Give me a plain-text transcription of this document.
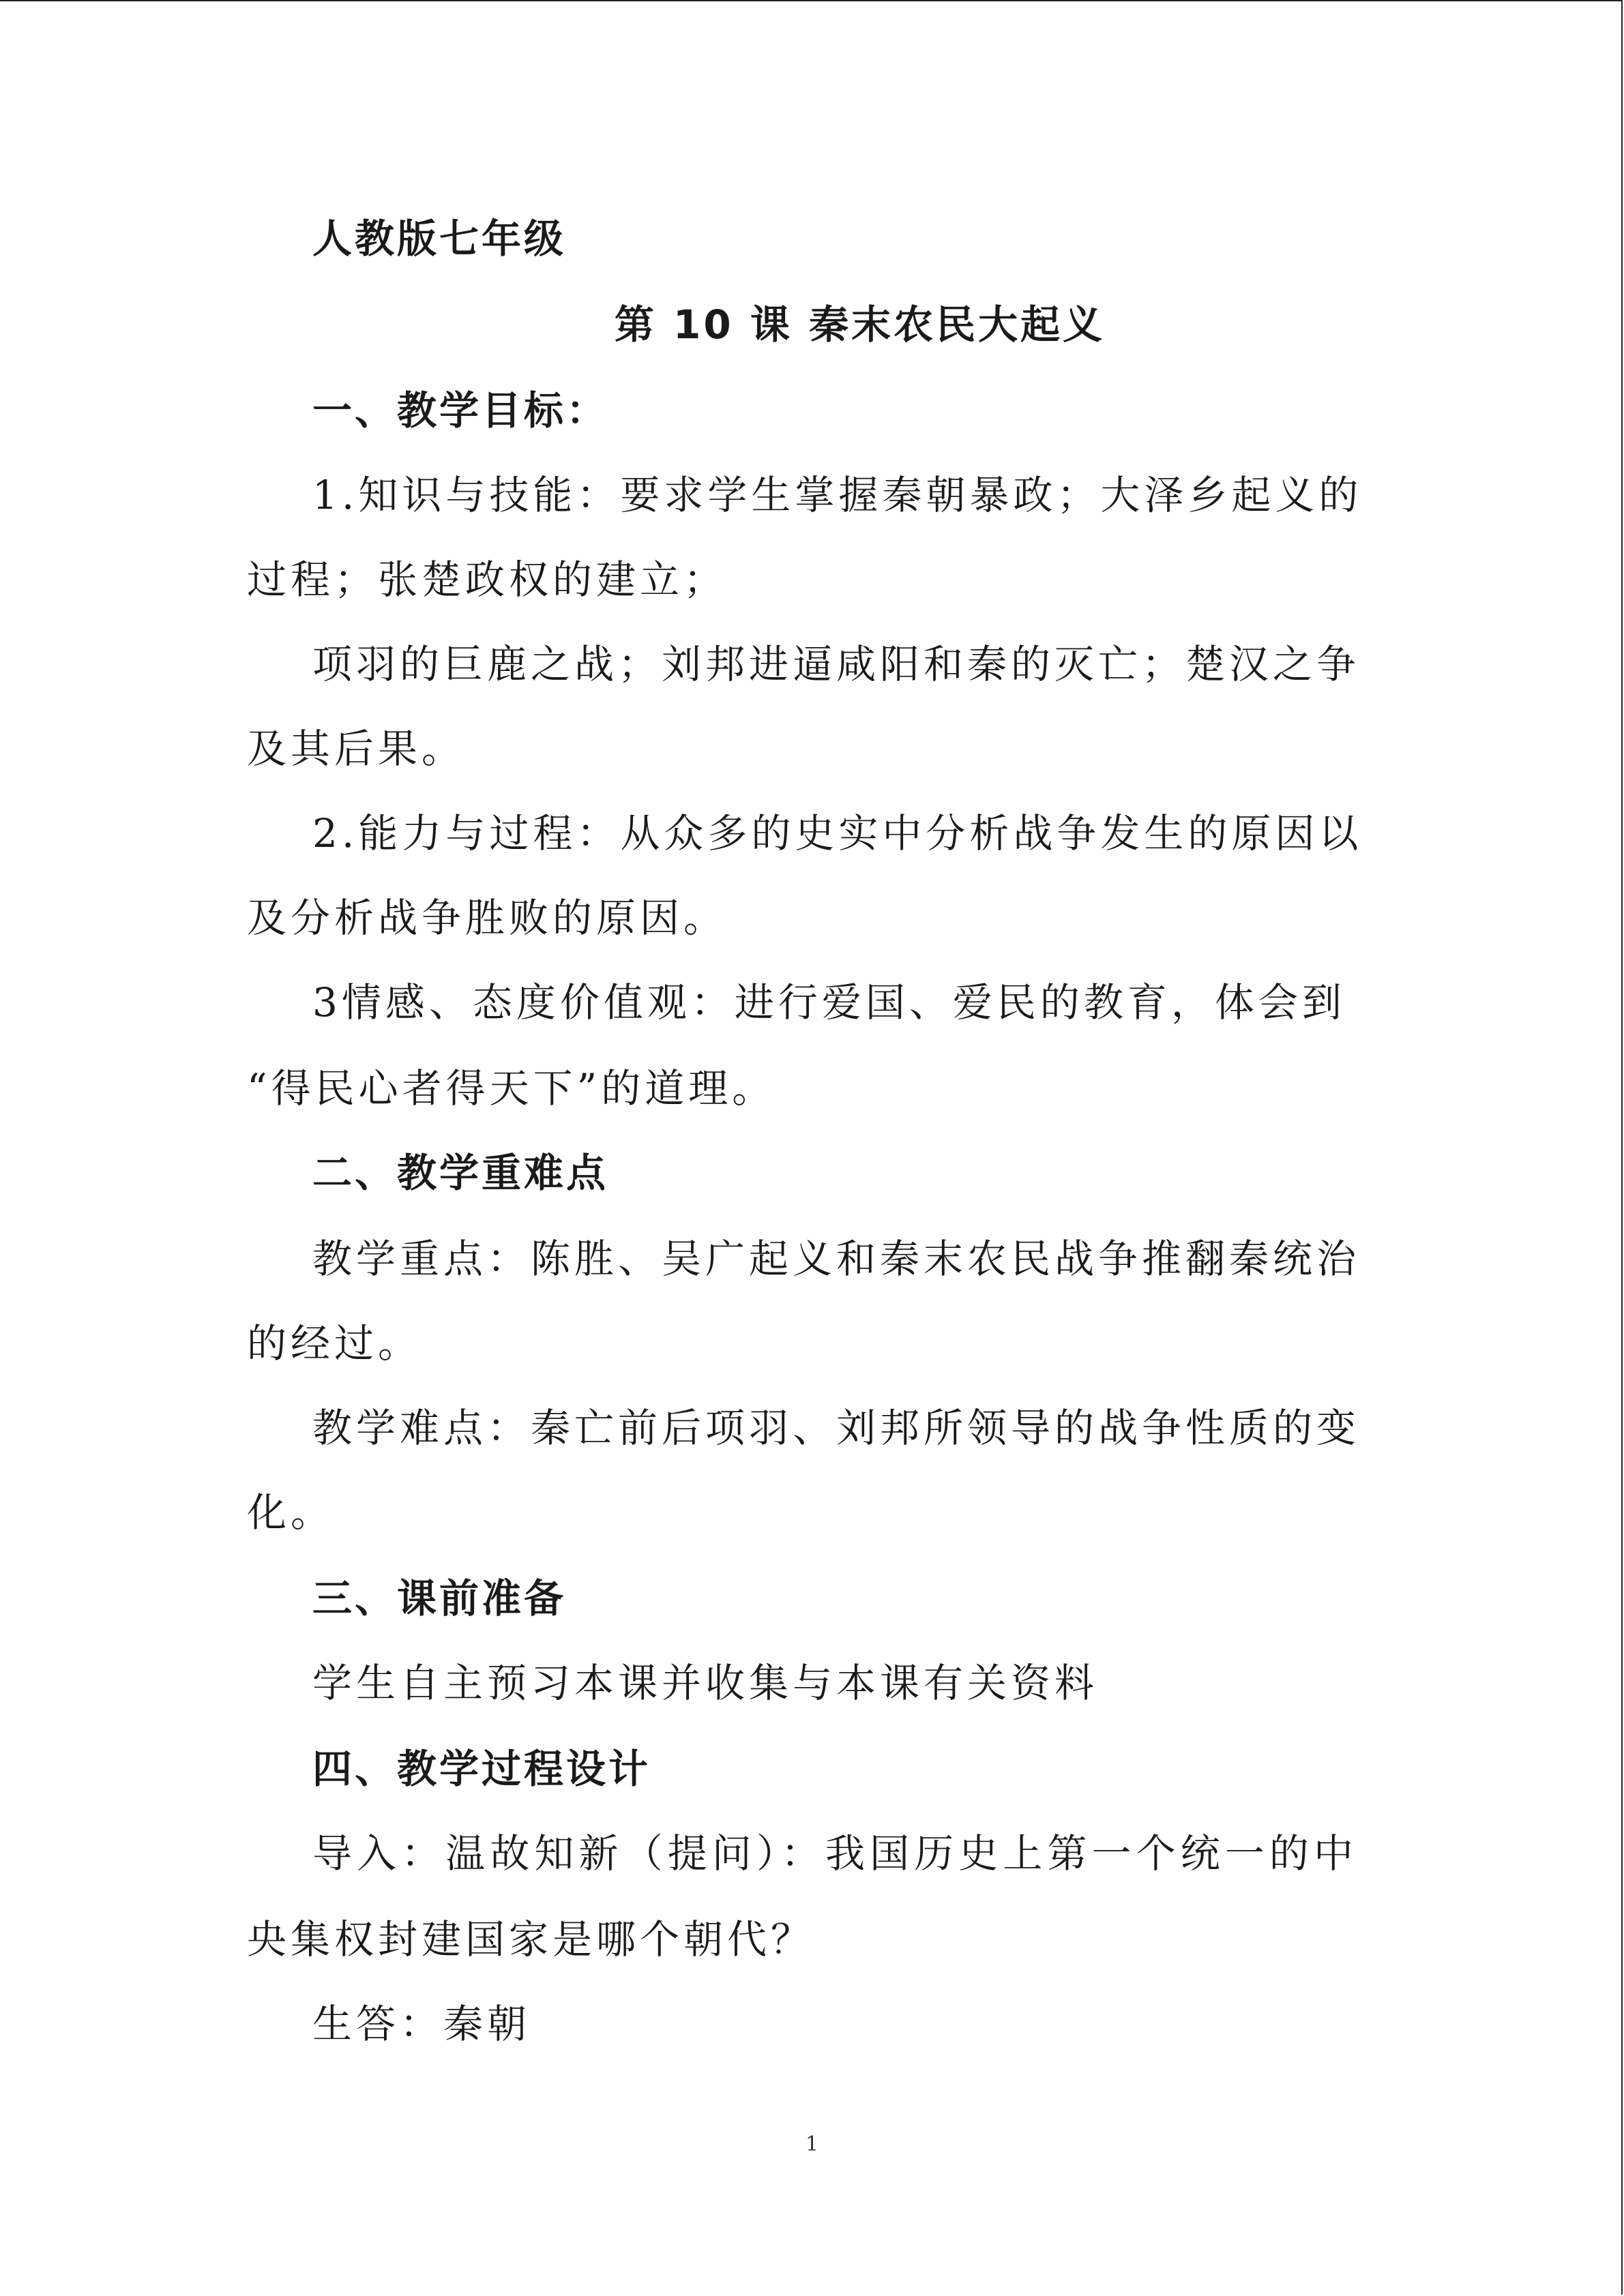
人教版七年级
第 10 课 秦末农民大起义
一、教学目标：
1.知识与技能：要求学生掌握秦朝暴政；大泽乡起义的
过程；张楚政权的建立；
项羽的巨鹿之战；刘邦进逼咸阳和秦的灭亡；楚汉之争
及其后果。
2.能力与过程：从众多的史实中分析战争发生的原因以
及分析战争胜败的原因。
3情感、态度价值观：进行爱国、爱民的教育，体会到
“得民心者得天下”的道理。
二、教学重难点
教学重点：陈胜、吴广起义和秦末农民战争推翻秦统治
的经过。
教学难点：秦亡前后项羽、刘邦所领导的战争性质的变
化。
三、课前准备
学生自主预习本课并收集与本课有关资料
四、教学过程设计
导入：温故知新（提问）：我国历史上第一个统一的中
央集权封建国家是哪个朝代？
生答：秦朝
1
